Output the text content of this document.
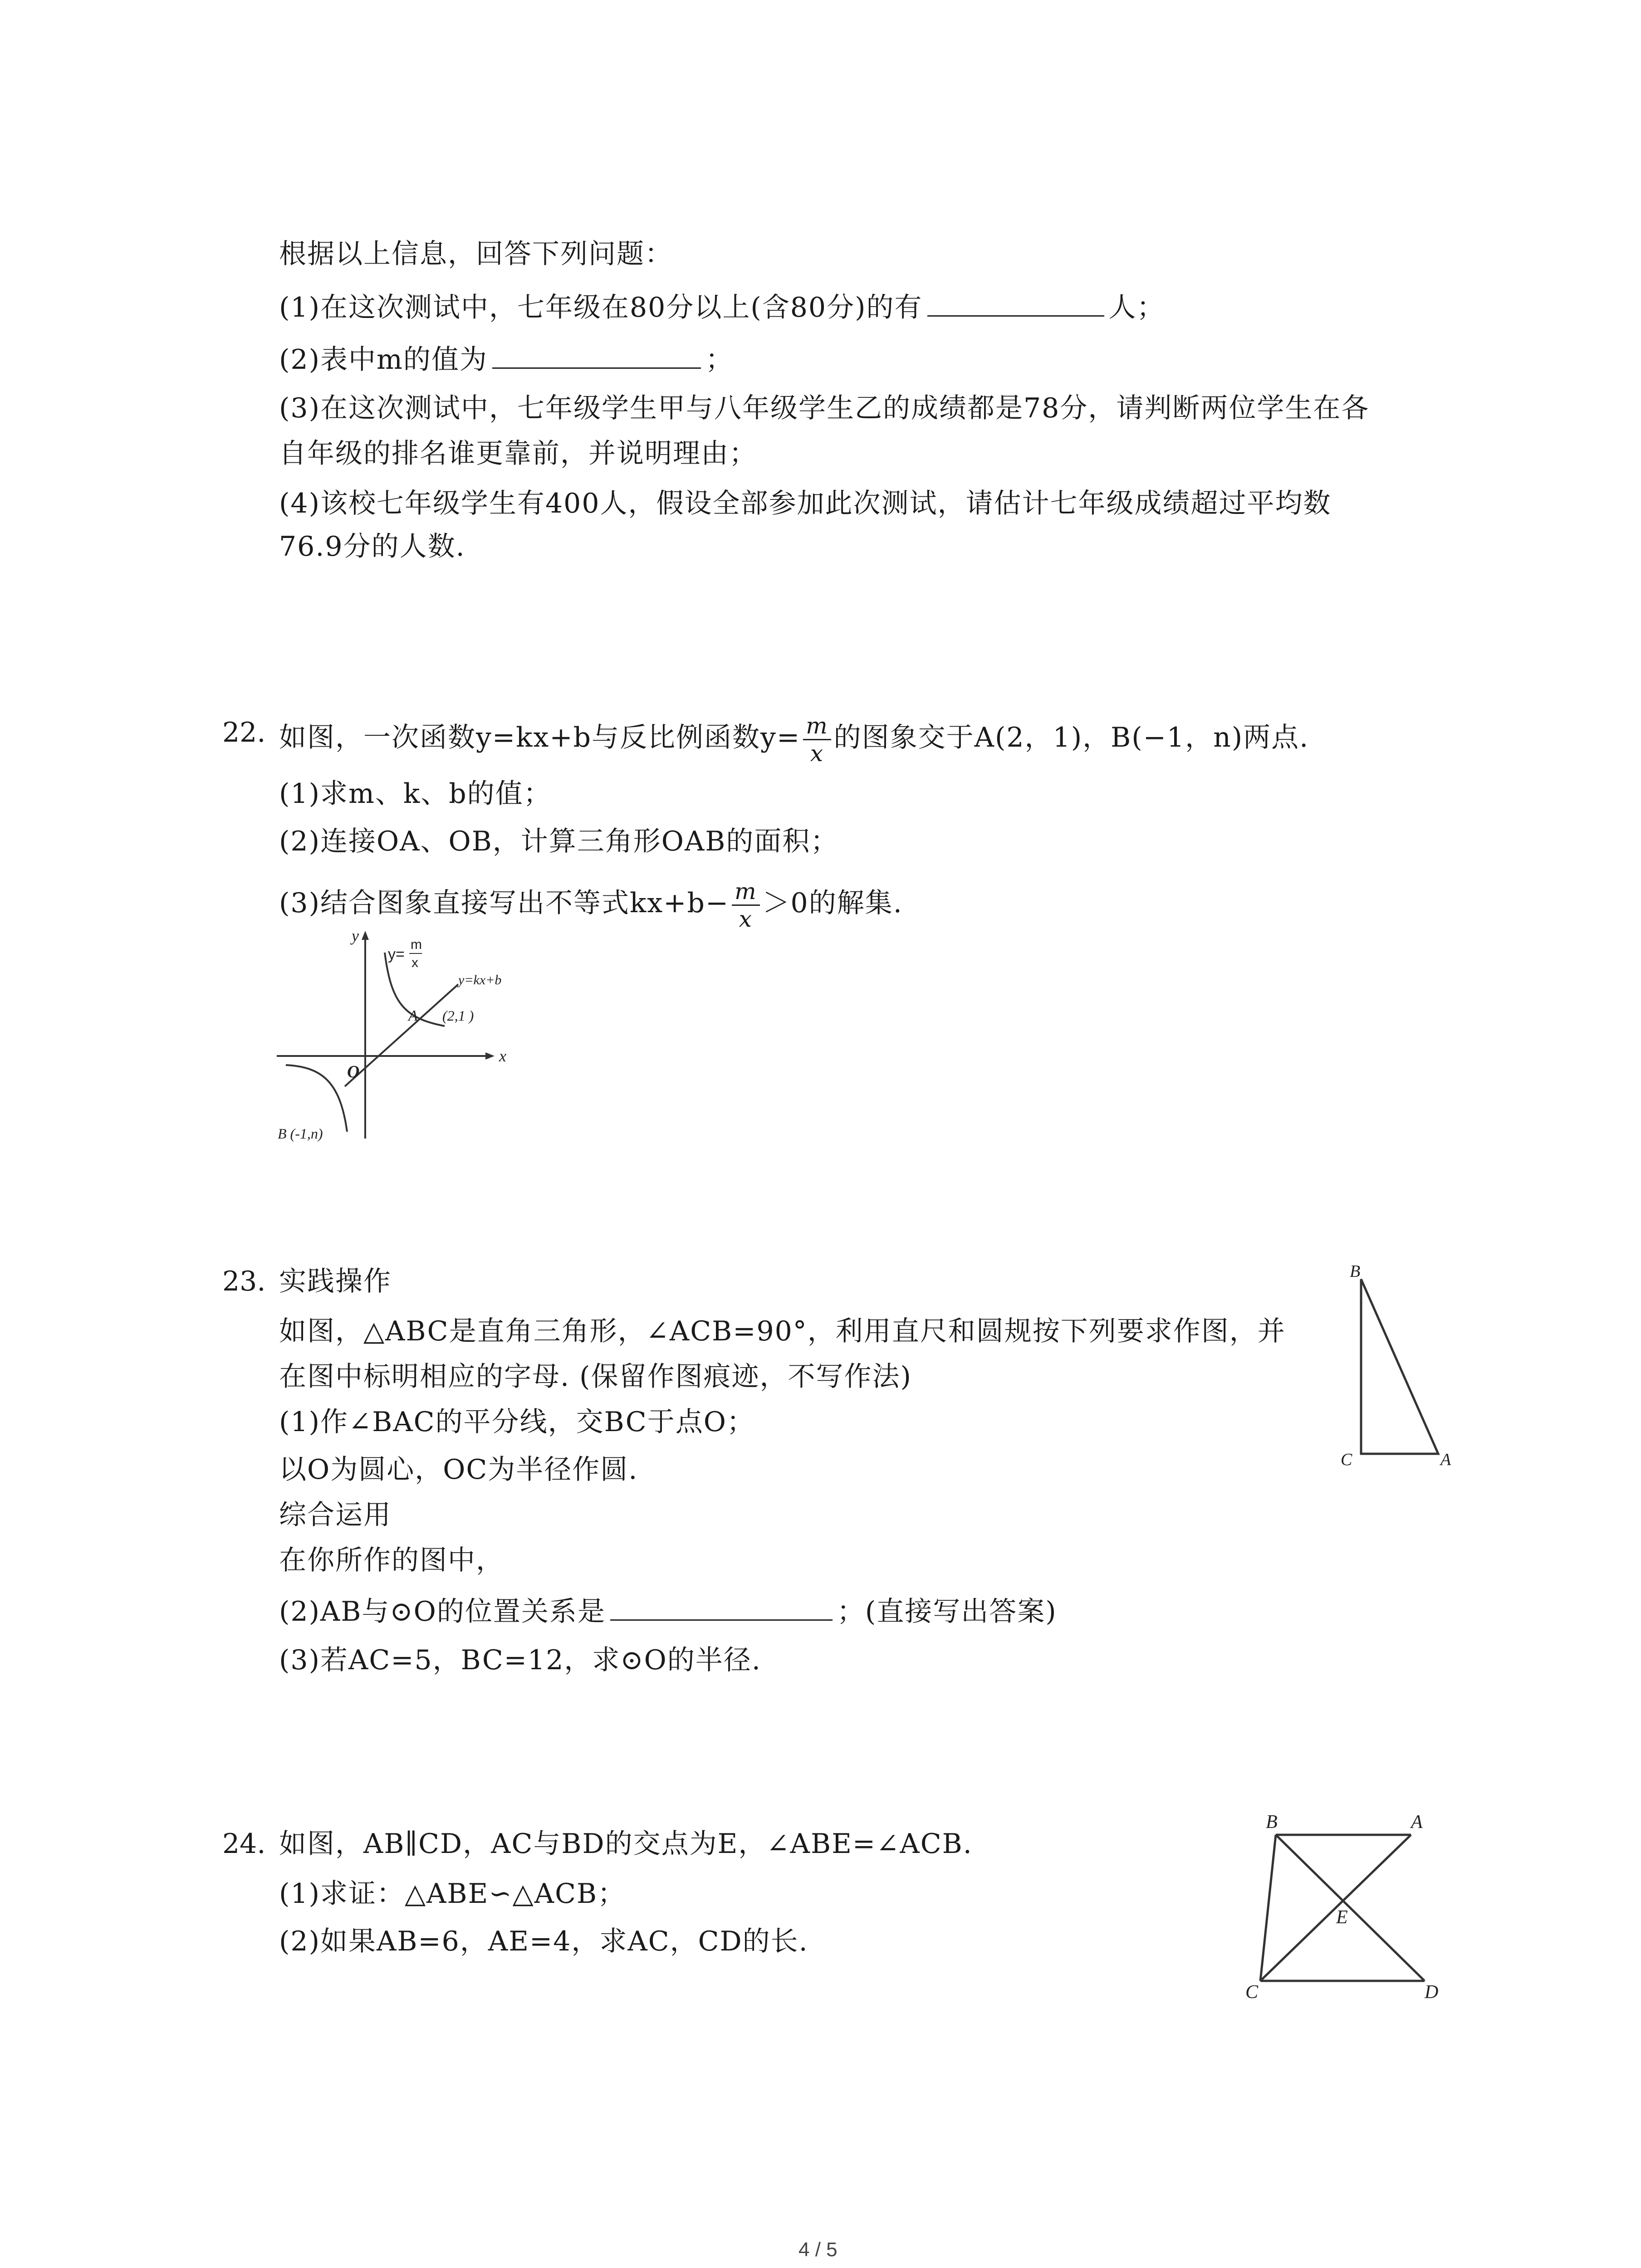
根据以上信息，回答下列问题：
(1)在这次测试中，七年级在80分以上(含80分)的有	人；
(2)表中m的值为	；
(3)在这次测试中，七年级学生甲与八年级学生乙的成绩都是78分，请判断两位学生在各
自年级的排名谁更靠前，并说明理由；
(4)该校七年级学生有400人，假设全部参加此次测试，请估计七年级成绩超过平均数
76.9分的人数.
22. 如图，一次函数y=kx+b与反比例函数$y= \frac{m}{x}$ 的图象交于A(2，1)，B(−1，n)两点.
(1)求m、k、b的值；
(2)连接OA、OB，计算三角形OAB的面积；
(3)结合图象直接写出不等式$kx+b- \frac{m}{x} >0$的解集.
y
x
O
y=
m
x
y=kx+b
A (2,1 )
B (-1,n)
23. 实践操作
如图，△ABC是直角三角形，∠ACB=90°，利用直尺和圆规按下列要求作图，并
在图中标明相应的字母. (保留作图痕迹，不写作法)
(1)作∠BAC的平分线，交BC于点O；
以O为圆心，OC为半径作圆.
综合运用
在你所作的图中，
(2)AB与⊙O的位置关系是	；(直接写出答案)
(3)若AC=5，BC=12，求⊙O的半径.
B
C	A
24. 如图，AB∥CD，AC与BD的交点为E，∠ABE=∠ACB.
(1)求证：△ABE∽△ACB；
(2)如果AB=6，AE=4，求AC，CD的长.
B	A
E
C	D
4 / 5
